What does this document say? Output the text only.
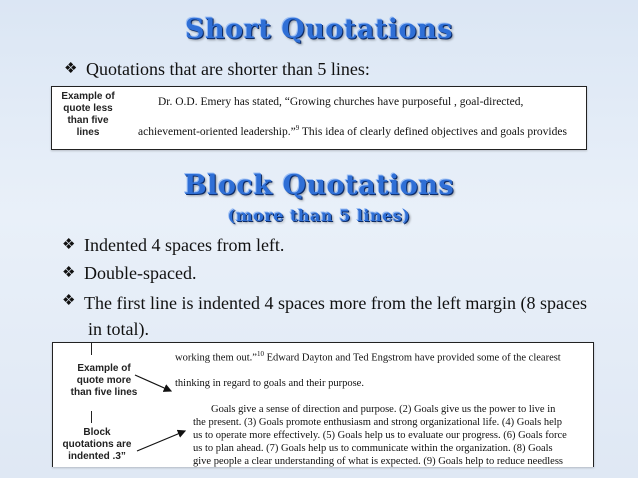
Short Quotations
❖ Quotations that are shorter than 5 lines:
Example of quote less than five lines
Dr. O.D. Emery has stated, “Growing churches have purposeful , goal-directed,
achievement-oriented leadership.”$^9$ This idea of clearly defined objectives and goals provides
Block Quotations
(more than 5 lines)
❖ Indented 4 spaces from left.
❖ Double-spaced.
❖ The first line is indented 4 spaces more from the left margin (8 spaces
in total).
Example of quote more than five lines
Block quotations are indented .3”
working them out.”$^{10}$ Edward Dayton and Ted Engstrom have provided some of the clearest
thinking in regard to goals and their purpose.
Goals give a sense of direction and purpose. (2) Goals give us the power to live in
the present. (3) Goals promote enthusiasm and strong organizational life. (4) Goals help
us to operate more effectively. (5) Goals help us to evaluate our progress. (6) Goals force
us to plan ahead. (7) Goals help us to communicate within the organization. (8) Goals
give people a clear understanding of what is expected. (9) Goals help to reduce needless
